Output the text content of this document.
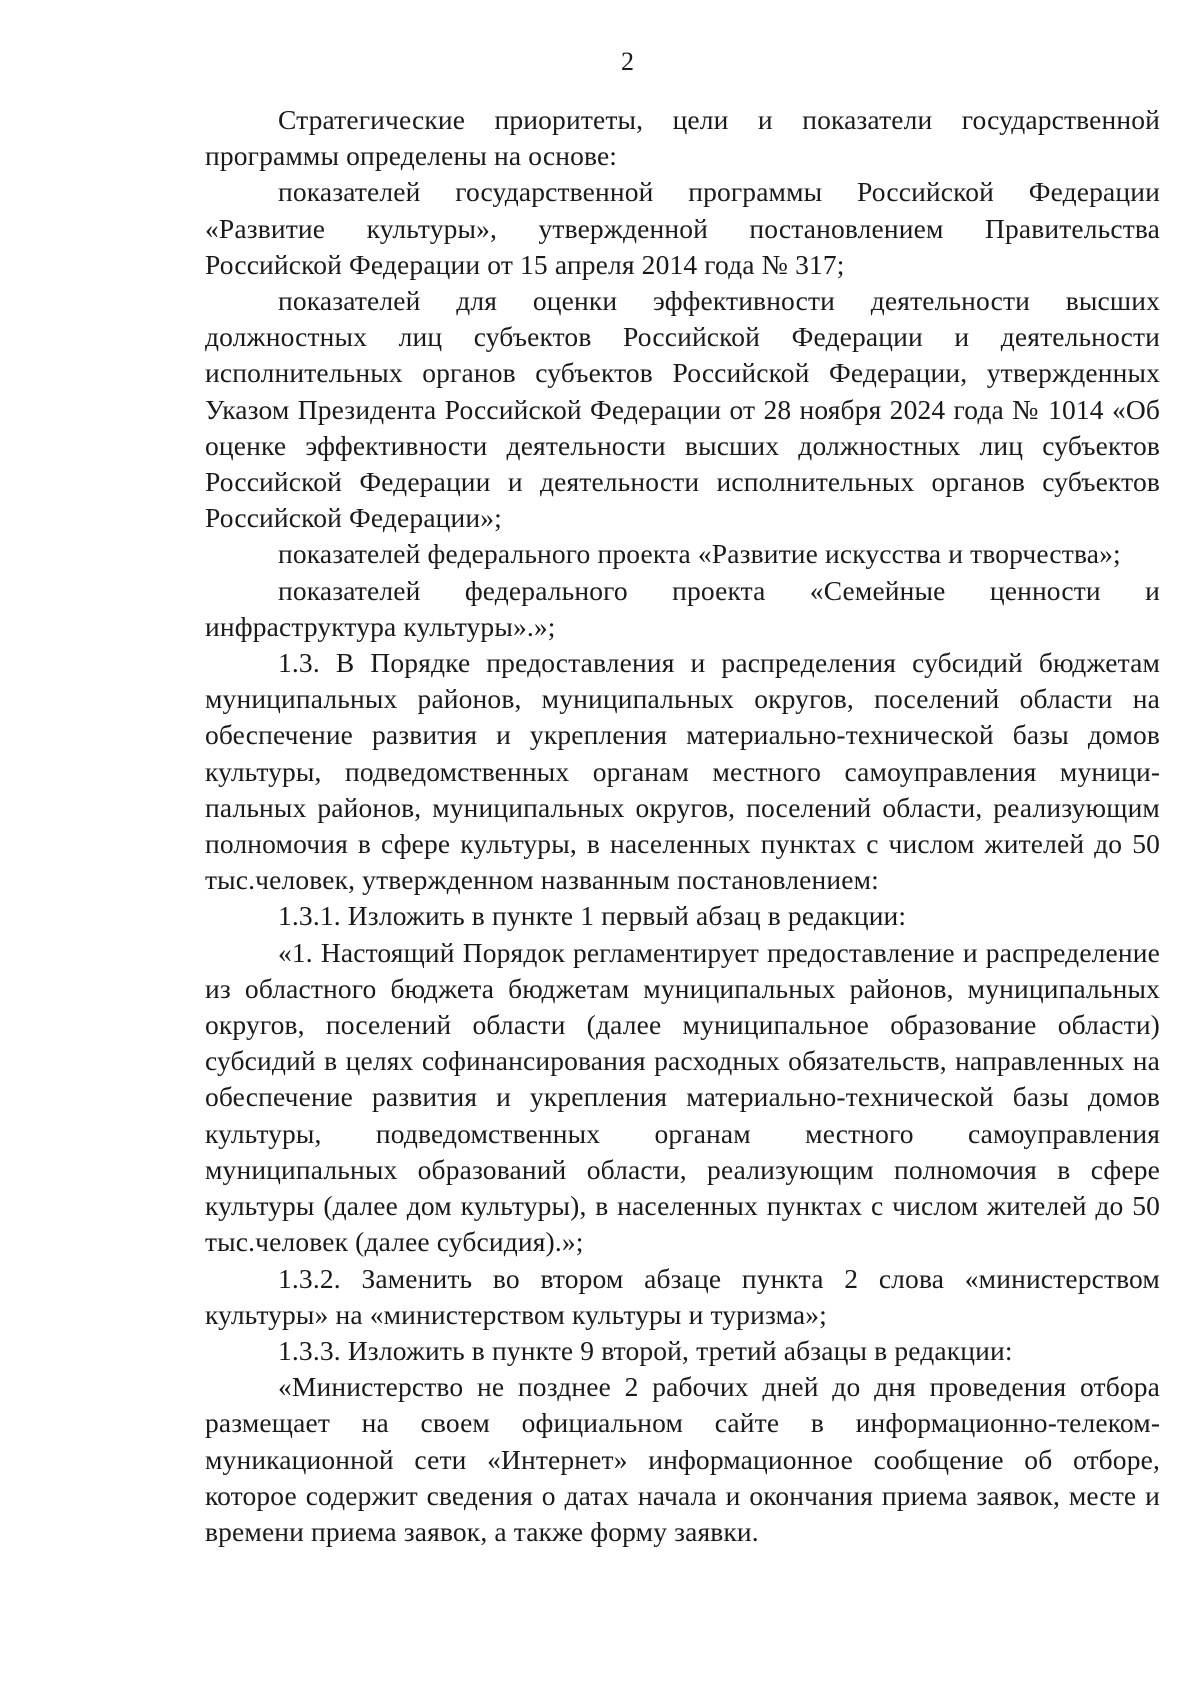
2

Стратегические приоритеты, цели и показатели государственной программы определены на основе:

показателей государственной программы Российской Федерации «Развитие культуры», утвержденной постановлением Правительства Российской Федерации от 15 апреля 2014 года № 317;

показателей для оценки эффективности деятельности высших должностных лиц субъектов Российской Федерации и деятельности исполнительных органов субъектов Российской Федерации, утвержденных Указом Президента Российской Федерации от 28 ноября 2024 года № 1014 «Об оценке эффективности деятельности высших должностных лиц субъектов Российской Федерации и деятельности исполнительных органов субъектов Российской Федерации»;

показателей федерального проекта «Развитие искусства и творчества»;

показателей федерального проекта «Семейные ценности и инфраструктура культуры».»;

1.3. В Порядке предоставления и распределения субсидий бюджетам муниципальных районов, муниципальных округов, поселений области на обеспечение развития и укрепления материально-технической базы домов культуры, подведомственных органам местного самоуправления муниципальных районов, муниципальных округов, поселений области, реализующим полномочия в сфере культуры, в населенных пунктах с числом жителей до 50 тыс.человек, утвержденном названным постановлением:

1.3.1. Изложить в пункте 1 первый абзац в редакции:

«1. Настоящий Порядок регламентирует предоставление и распределение из областного бюджета бюджетам муниципальных районов, муниципальных округов, поселений области (далее муниципальное образование области) субсидий в целях софинансирования расходных обязательств, направленных на обеспечение развития и укрепления материально-технической базы домов культуры, подведомственных органам местного самоуправления муниципальных образований области, реализующим полномочия в сфере культуры (далее дом культуры), в населенных пунктах с числом жителей до 50 тыс.человек (далее субсидия).»;

1.3.2. Заменить во втором абзаце пункта 2 слова «министерством культуры» на «министерством культуры и туризма»;

1.3.3. Изложить в пункте 9 второй, третий абзацы в редакции:

«Министерство не позднее 2 рабочих дней до дня проведения отбора размещает на своем официальном сайте в информационно-телекоммуникационной сети «Интернет» информационное сообщение об отборе, которое содержит сведения о датах начала и окончания приема заявок, месте и времени приема заявок, а также форму заявки.
